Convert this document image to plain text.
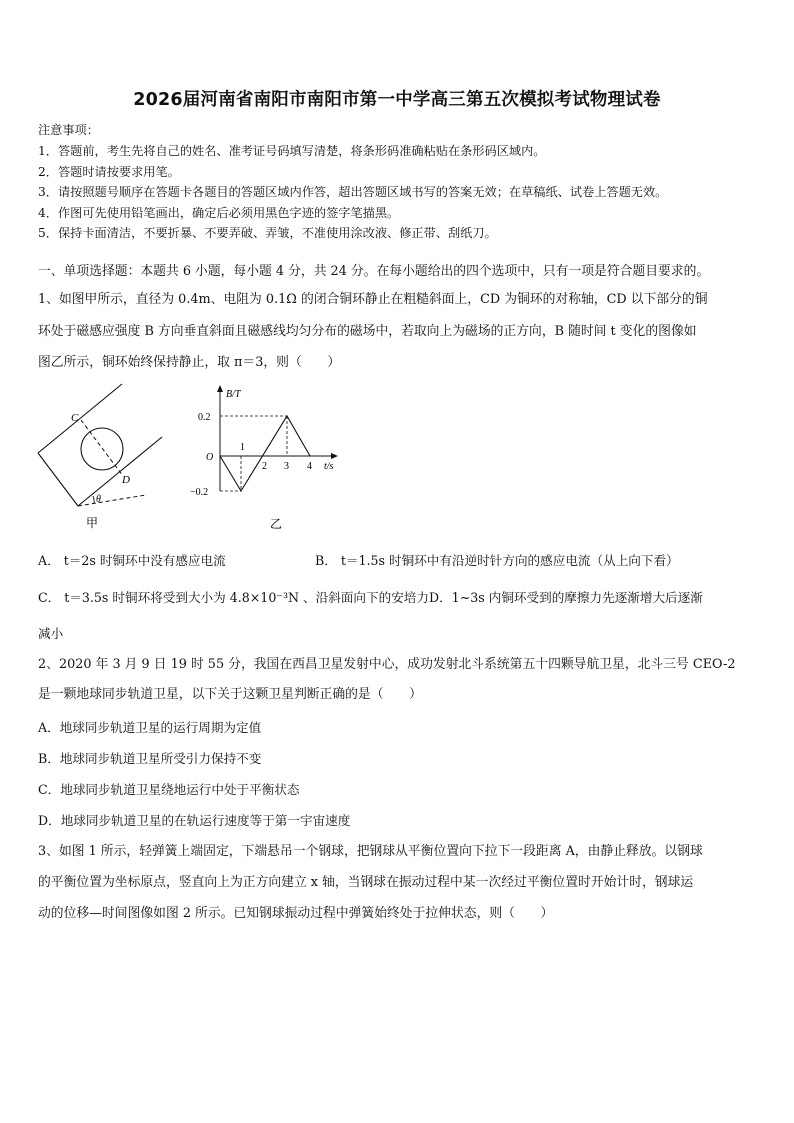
2026届河南省南阳市南阳市第一中学高三第五次模拟考试物理试卷
注意事项：
1．答题前，考生先将自己的姓名、准考证号码填写清楚，将条形码准确粘贴在条形码区域内。
2．答题时请按要求用笔。
3．请按照题号顺序在答题卡各题目的答题区域内作答，超出答题区域书写的答案无效；在草稿纸、试卷上答题无效。
4．作图可先使用铅笔画出，确定后必须用黑色字迹的签字笔描黑。
5．保持卡面清洁，不要折暴、不要弄破、弄皱，不准使用涂改液、修正带、刮纸刀。
一、单项选择题：本题共 6 小题，每小题 4 分，共 24 分。在每小题给出的四个选项中，只有一项是符合题目要求的。
1、如图甲所示，直径为 0.4m、电阻为 0.1Ω 的闭合铜环静止在粗糙斜面上，CD 为铜环的对称轴，CD 以下部分的铜
环处于磁感应强度 B 方向垂直斜面且磁感线均匀分布的磁场中，若取向上为磁场的正方向，B 随时间 t 变化的图像如
图乙所示，铜环始终保持静止，取 π＝3，则（　　）
C
D
θ
甲
B/T
t/s
O
0.2
−0.2
1
2 3 4
乙
A． t＝2s 时铜环中没有感应电流	B． t＝1.5s 时铜环中有沿逆时针方向的感应电流（从上向下看）
C． t＝3.5s 时铜环将受到大小为 4.8×10⁻³N 、沿斜面向下的安培力D．1~3s 内铜环受到的摩擦力先逐渐增大后逐渐
减小
2、2020 年 3 月 9 日 19 时 55 分，我国在西昌卫星发射中心，成功发射北斗系统第五十四颗导航卫星，北斗三号 CEO-2
是一颗地球同步轨道卫星，以下关于这颗卫星判断正确的是（　　）
A．地球同步轨道卫星的运行周期为定值
B．地球同步轨道卫星所受引力保持不变
C．地球同步轨道卫星绕地运行中处于平衡状态
D．地球同步轨道卫星的在轨运行速度等于第一宇宙速度
3、如图 1 所示，轻弹簧上端固定，下端悬吊一个钢球，把钢球从平衡位置向下拉下一段距离 A，由静止释放。以钢球
的平衡位置为坐标原点，竖直向上为正方向建立 x 轴，当钢球在振动过程中某一次经过平衡位置时开始计时，钢球运
动的位移—时间图像如图 2 所示。已知钢球振动过程中弹簧始终处于拉伸状态，则（　　）
